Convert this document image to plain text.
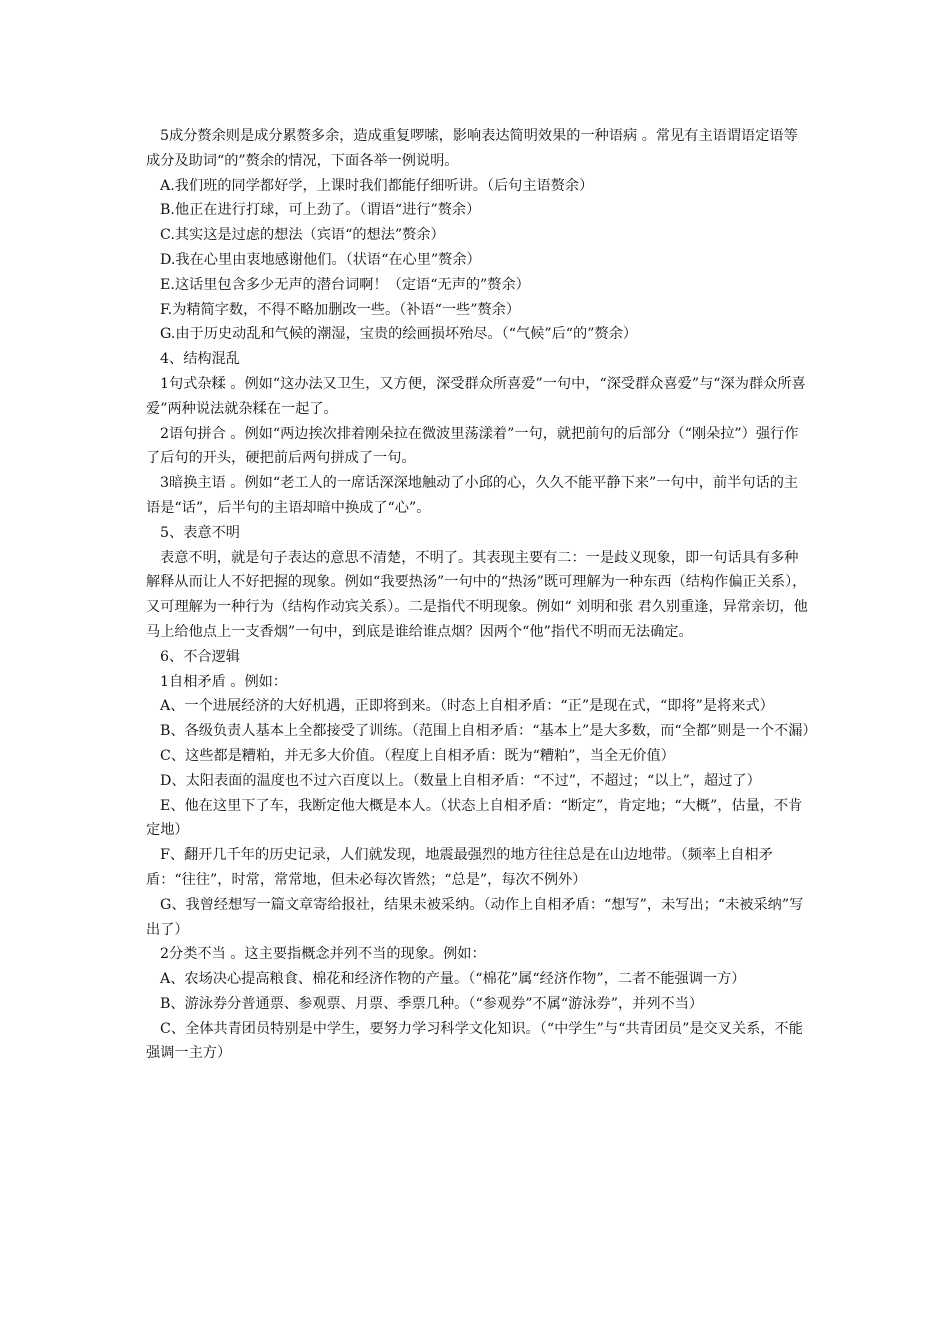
5成分赘余则是成分累赘多余，造成重复啰嗦，影响表达简明效果的一种语病 。常见有主语谓语定语等成分及助词“的”赘余的情况，下面各举一例说明。

A.我们班的同学都好学，上课时我们都能仔细听讲。（后句主语赘余）

B.他正在进行打球，可上劲了。（谓语“进行”赘余）

C.其实这是过虑的想法（宾语“的想法”赘余）

D.我在心里由衷地感谢他们。（状语“在心里”赘余）

E.这话里包含多少无声的潜台词啊！（定语“无声的”赘余）

F.为精简字数，不得不略加删改一些。（补语“一些”赘余）

G.由于历史动乱和气候的潮湿，宝贵的绘画损坏殆尽。（“气候”后“的”赘余）

4、结构混乱

1句式杂糅 。例如“这办法又卫生，又方便，深受群众所喜爱”一句中，“深受群众喜爱”与“深为群众所喜爱”两种说法就杂糅在一起了。

2语句拼合 。例如“两边挨次排着刚朵拉在微波里荡漾着”一句，就把前句的后部分（“刚朵拉”）强行作了后句的开头，硬把前后两句拼成了一句。

3暗换主语 。例如“老工人的一席话深深地触动了小邱的心，久久不能平静下来”一句中，前半句话的主语是“话”，后半句的主语却暗中换成了“心”。

5、表意不明

表意不明，就是句子表达的意思不清楚，不明了。其表现主要有二：一是歧义现象，即一句话具有多种解释从而让人不好把握的现象。例如“我要热汤”一句中的“热汤”既可理解为一种东西（结构作偏正关系），又可理解为一种行为（结构作动宾关系）。二是指代不明现象。例如“ 刘明和张 君久别重逢，异常亲切，他马上给他点上一支香烟”一句中，到底是谁给谁点烟？因两个“他”指代不明而无法确定。

6、不合逻辑

1自相矛盾 。例如：

A、一个进展经济的大好机遇，正即将到来。（时态上自相矛盾：“正”是现在式，“即将”是将来式）

B、各级负责人基本上全都接受了训练。（范围上自相矛盾：“基本上”是大多数，而“全都”则是一个不漏）

C、这些都是糟粕，并无多大价值。（程度上自相矛盾：既为“糟粕”，当全无价值）

D、太阳表面的温度也不过六百度以上。（数量上自相矛盾：“不过”，不超过；“以上”，超过了）

E、他在这里下了车，我断定他大概是本人。（状态上自相矛盾：“断定”，肯定地；“大概”，估量，不肯定地）

F、翻开几千年的历史记录，人们就发现，地震最强烈的地方往往总是在山边地带。（频率上自相矛盾：“往往”，时常，常常地，但未必每次皆然；“总是”，每次不例外）

G、我曾经想写一篇文章寄给报社，结果未被采纳。（动作上自相矛盾：“想写”，未写出；“未被采纳”写出了）

2分类不当 。这主要指概念并列不当的现象。例如：

A、农场决心提高粮食、棉花和经济作物的产量。（“棉花”属“经济作物”，二者不能强调一方）

B、游泳券分普通票、参观票、月票、季票几种。（“参观券”不属“游泳券”，并列不当）

C、全体共青团员特别是中学生，要努力学习科学文化知识。（“中学生”与“共青团员”是交叉关系，不能强调一主方）
